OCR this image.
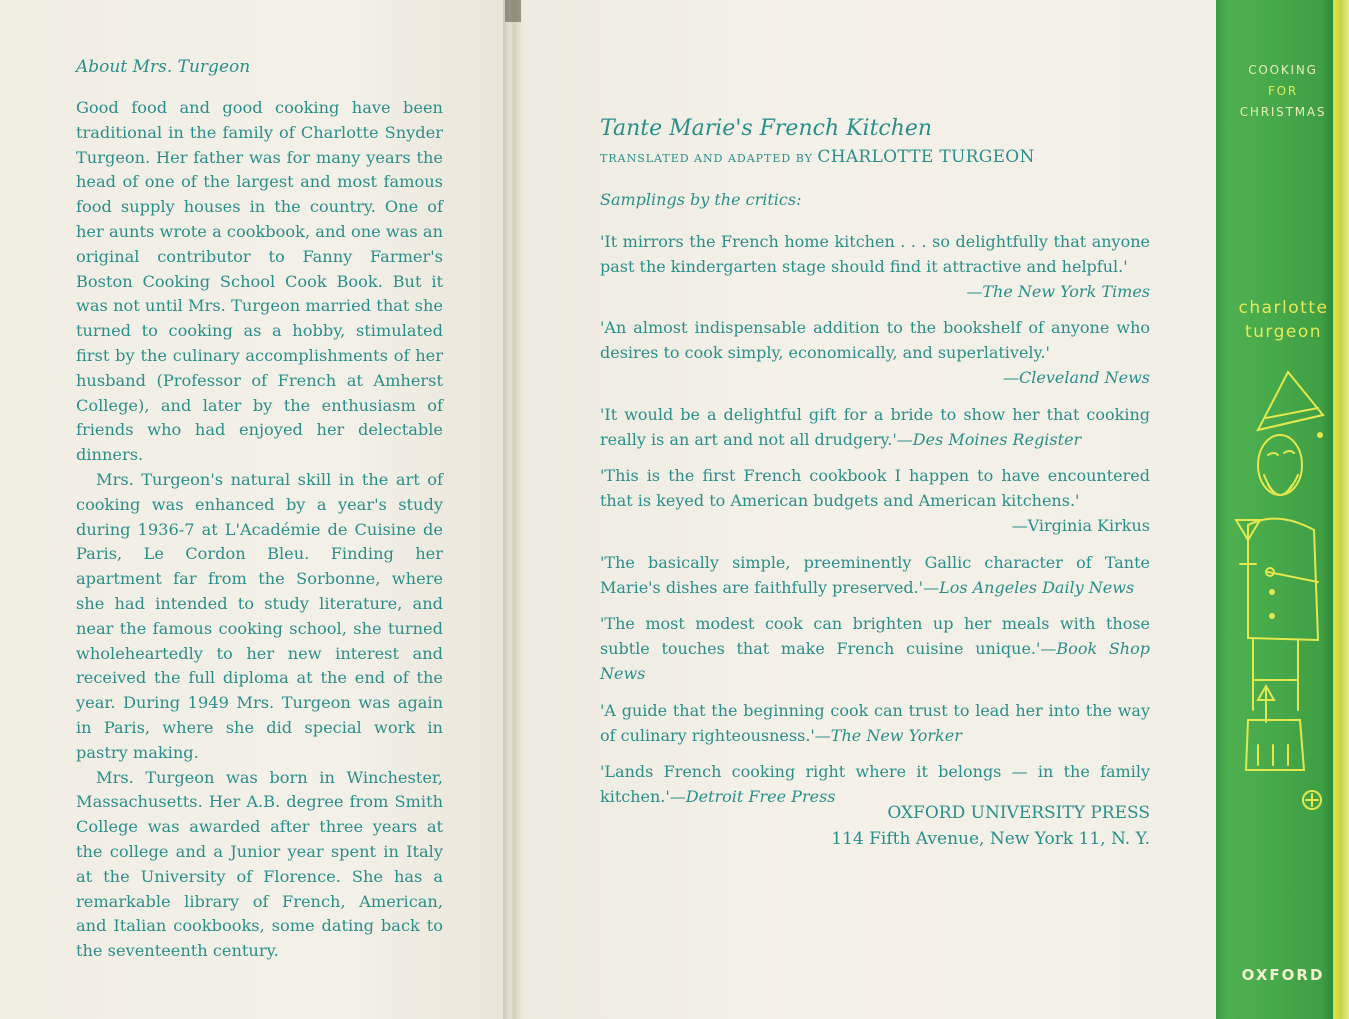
About Mrs. Turgeon

Good food and good cooking have been traditional in the family of Charlotte Snyder Turgeon. Her father was for many years the head of one of the largest and most famous food supply houses in the country. One of her aunts wrote a cookbook, and one was an original contributor to Fanny Farmer's Boston Cooking School Cook Book. But it was not until Mrs. Turgeon married that she turned to cooking as a hobby, stimulated first by the culinary accomplishments of her husband (Professor of French at Amherst College), and later by the enthusiasm of friends who had enjoyed her delectable dinners.

Mrs. Turgeon's natural skill in the art of cooking was enhanced by a year's study during 1936-7 at L'Académie de Cuisine de Paris, Le Cordon Bleu. Finding her apartment far from the Sorbonne, where she had intended to study literature, and near the famous cooking school, she turned wholeheartedly to her new interest and received the full diploma at the end of the year. During 1949 Mrs. Turgeon was again in Paris, where she did special work in pastry making.

Mrs. Turgeon was born in Winchester, Massachusetts. Her A.B. degree from Smith College was awarded after three years at the college and a Junior year spent in Italy at the University of Florence. She has a remarkable library of French, American, and Italian cookbooks, some dating back to the seventeenth century.

Tante Marie's French Kitchen
TRANSLATED AND ADAPTED BY CHARLOTTE TURGEON
Samplings by the critics:

'It mirrors the French home kitchen . . . so delightfully that anyone past the kindergarten stage should find it attractive and helpful.'
—The New York Times

'An almost indispensable addition to the bookshelf of anyone who desires to cook simply, economically, and superlatively.'
—Cleveland News

'It would be a delightful gift for a bride to show her that cooking really is an art and not all drudgery.'—Des Moines Register

'This is the first French cookbook I happen to have encountered that is keyed to American budgets and American kitchens.'
—Virginia Kirkus

'The basically simple, preeminently Gallic character of Tante Marie's dishes are faithfully preserved.'—Los Angeles Daily News

'The most modest cook can brighten up her meals with those subtle touches that make French cuisine unique.'—Book Shop News

'A guide that the beginning cook can trust to lead her into the way of culinary righteousness.'—The New Yorker

'Lands French cooking right where it belongs — in the family kitchen.'—Detroit Free Press

OXFORD UNIVERSITY PRESS
114 Fifth Avenue, New York 11, N. Y.
COOKING
FOR
CHRISTMAS
charlotte
turgeon
OXFORD
